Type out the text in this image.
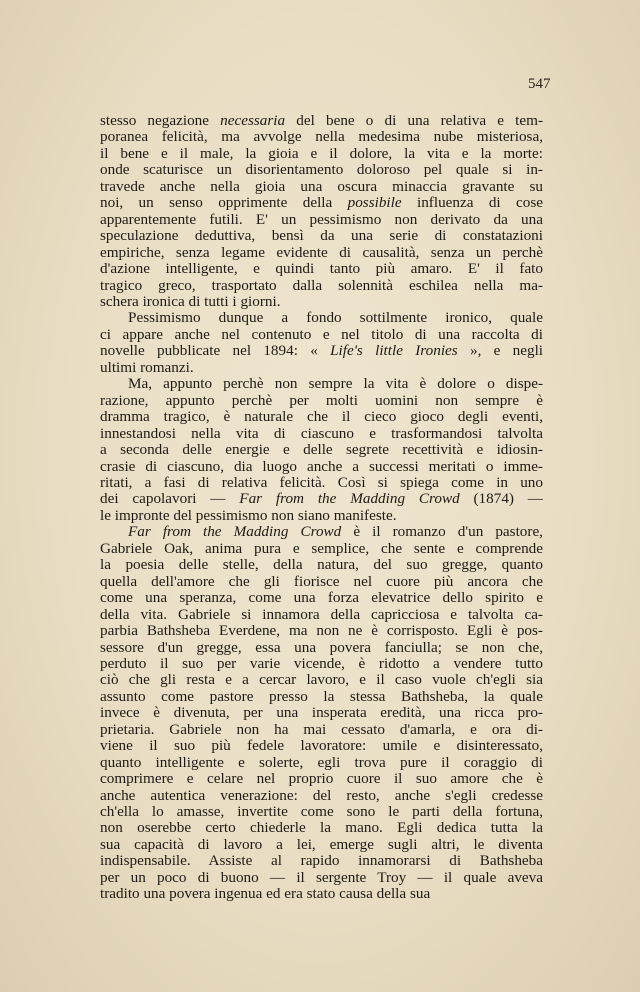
547
stesso negazione necessaria del bene o di una relativa e tem-
poranea felicità, ma avvolge nella medesima nube misteriosa,
il bene e il male, la gioia e il dolore, la vita e la morte:
onde scaturisce un disorientamento doloroso pel quale si in-
travede anche nella gioia una oscura minaccia gravante su
noi, un senso opprimente della possibile influenza di cose
apparentemente futili. E' un pessimismo non derivato da una
speculazione deduttiva, bensì da una serie di constatazioni
empiriche, senza legame evidente di causalità, senza un perchè
d'azione intelligente, e quindi tanto più amaro. E' il fato
tragico greco, trasportato dalla solennità eschilea nella ma-
schera ironica di tutti i giorni.
Pessimismo dunque a fondo sottilmente ironico, quale
ci appare anche nel contenuto e nel titolo di una raccolta di
novelle pubblicate nel 1894: « Life's little Ironies », e negli
ultimi romanzi.
Ma, appunto perchè non sempre la vita è dolore o dispe-
razione, appunto perchè per molti uomini non sempre è
dramma tragico, è naturale che il cieco gioco degli eventi,
innestandosi nella vita di ciascuno e trasformandosi talvolta
a seconda delle energie e delle segrete recettività e idiosin-
crasie di ciascuno, dia luogo anche a successi meritati o imme-
ritati, a fasi di relativa felicità. Così si spiega come in uno
dei capolavori — Far from the Madding Crowd (1874) —
le impronte del pessimismo non siano manifeste.
Far from the Madding Crowd è il romanzo d'un pastore,
Gabriele Oak, anima pura e semplice, che sente e comprende
la poesia delle stelle, della natura, del suo gregge, quanto
quella dell'amore che gli fiorisce nel cuore più ancora che
come una speranza, come una forza elevatrice dello spirito e
della vita. Gabriele si innamora della capricciosa e talvolta ca-
parbia Bathsheba Everdene, ma non ne è corrisposto. Egli è pos-
sessore d'un gregge, essa una povera fanciulla; se non che,
perduto il suo per varie vicende, è ridotto a vendere tutto
ciò che gli resta e a cercar lavoro, e il caso vuole ch'egli sia
assunto come pastore presso la stessa Bathsheba, la quale
invece è divenuta, per una insperata eredità, una ricca pro-
prietaria. Gabriele non ha mai cessato d'amarla, e ora di-
viene il suo più fedele lavoratore: umile e disinteressato,
quanto intelligente e solerte, egli trova pure il coraggio di
comprimere e celare nel proprio cuore il suo amore che è
anche autentica venerazione: del resto, anche s'egli credesse
ch'ella lo amasse, invertite come sono le parti della fortuna,
non oserebbe certo chiederle la mano. Egli dedica tutta la
sua capacità di lavoro a lei, emerge sugli altri, le diventa
indispensabile. Assiste al rapido innamorarsi di Bathsheba
per un poco di buono — il sergente Troy — il quale aveva
tradito una povera ingenua ed era stato causa della sua
